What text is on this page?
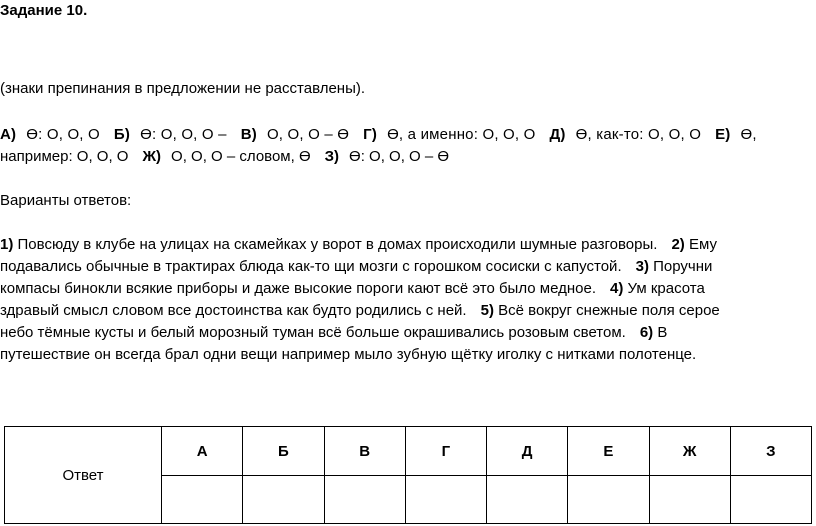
Задание 10.
(знаки препинания в предложении не расставлены).
А) Ө: О, О, О Б) Ө: О, О, О – В) О, О, О – Ө Г) Ө, а именно: О, О, О Д) Ө, как-то: О, О, О Е) Ө,
например: О, О, О Ж) О, О, О – словом, Ө З) Ө: О, О, О – Ө
Варианты ответов:
1) Повсюду в клубе на улицах на скамейках у ворот в домах происходили шумные разговоры. 2) Ему
подавались обычные в трактирах блюда как-то щи мозги с горошком сосиски с капустой. 3) Поручни
компасы бинокли всякие приборы и даже высокие пороги кают всё это было медное. 4) Ум красота
здравый смысл словом все достоинства как будто родились с ней. 5) Всё вокруг снежные поля серое
небо тёмные кусты и белый морозный туман всё больше окрашивались розовым светом. 6) В
путешествие он всегда брал одни вещи например мыло зубную щётку иголку с нитками полотенце.
Ответ	А	Б	В	Г	Д	Е	Ж	З
